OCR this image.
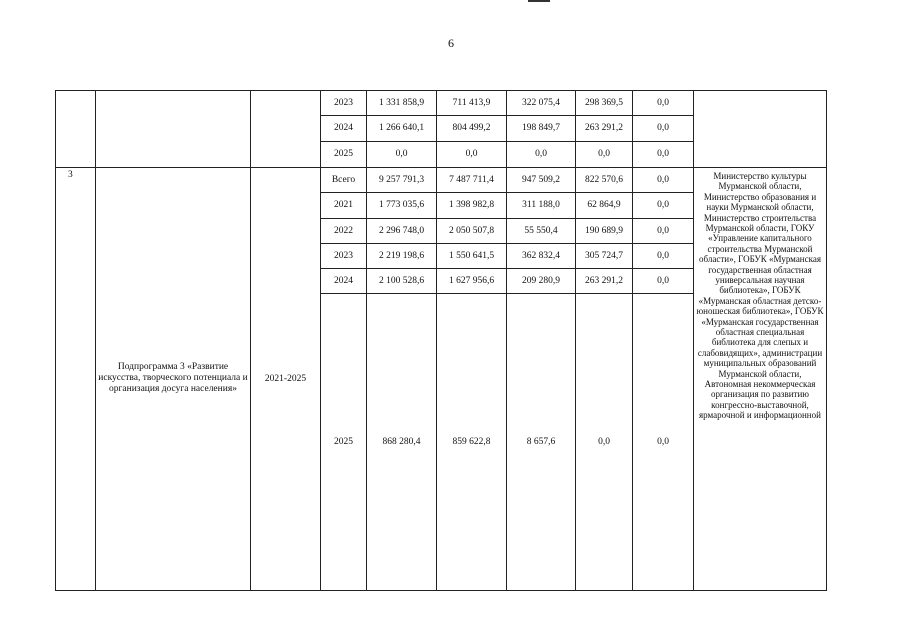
6
			2023	1 331 858,9	711 413,9	322 075,4	298 369,5	0,0	
			2024	1 266 640,1	804 499,2	198 849,7	263 291,2	0,0	
			2025	0,0	0,0	0,0	0,0	0,0	
3	Подпрограмма 3 «Развитие искусства, творческого потенциала и организация досуга населения»	2021-2025	Всего	9 257 791,3	7 487 711,4	947 509,2	822 570,6	0,0	Министерство культуры Мурманской области, Министерство образования и науки Мурманской области, Министерство строительства Мурманской области, ГОКУ «Управление капитального строительства Мурманской области», ГОБУК «Мурманская государственная областная универсальная научная библиотека», ГОБУК «Мурманская областная детско-юношеская библиотека», ГОБУК «Мурманская государственная областная специальная библиотека для слепых и слабовидящих», администрации муниципальных образований Мурманской области, Автономная некоммерческая организация по развитию конгрессно-выставочной, ярмарочной и информационной
			2021	1 773 035,6	1 398 982,8	311 188,0	62 864,9	0,0	
			2022	2 296 748,0	2 050 507,8	55 550,4	190 689,9	0,0	
			2023	2 219 198,6	1 550 641,5	362 832,4	305 724,7	0,0	
			2024	2 100 528,6	1 627 956,6	209 280,9	263 291,2	0,0	
			2025	868 280,4	859 622,8	8 657,6	0,0	0,0	
